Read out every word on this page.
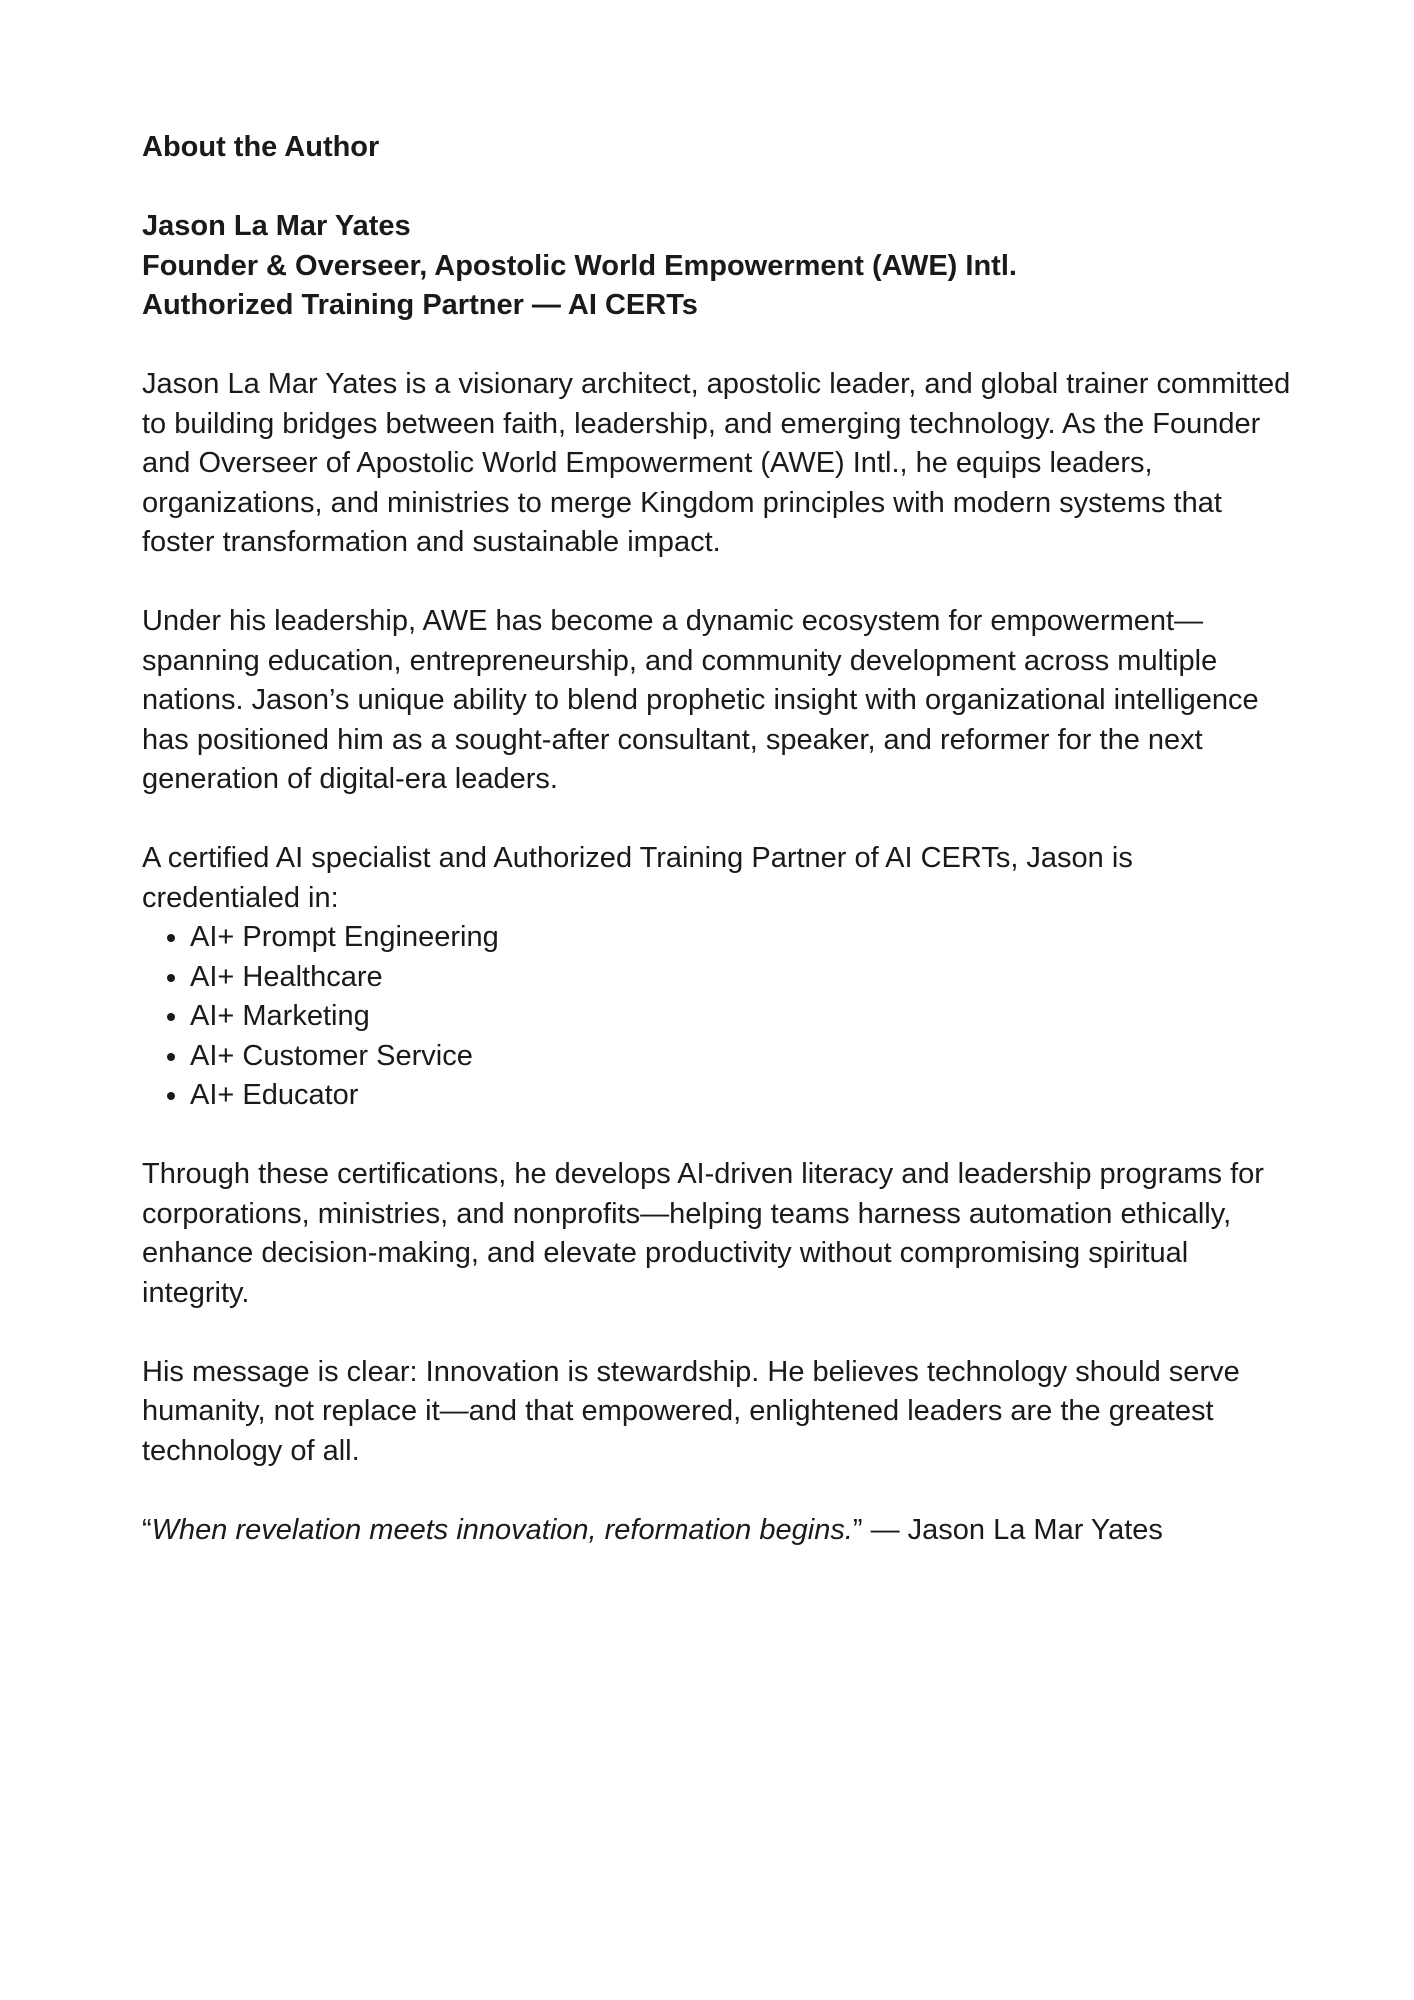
About the Author

Jason La Mar Yates

Founder & Overseer, Apostolic World Empowerment (AWE) Intl.

Authorized Training Partner — AI CERTs

Jason La Mar Yates is a visionary architect, apostolic leader, and global trainer committed to building bridges between faith, leadership, and emerging technology. As the Founder and Overseer of Apostolic World Empowerment (AWE) Intl., he equips leaders, organizations, and ministries to merge Kingdom principles with modern systems that foster transformation and sustainable impact.

Under his leadership, AWE has become a dynamic ecosystem for empowerment—spanning education, entrepreneurship, and community development across multiple nations. Jason’s unique ability to blend prophetic insight with organizational intelligence has positioned him as a sought-after consultant, speaker, and reformer for the next generation of digital-era leaders.

A certified AI specialist and Authorized Training Partner of AI CERTs, Jason is credentialed in:

• AI+ Prompt Engineering
• AI+ Healthcare
• AI+ Marketing
• AI+ Customer Service
• AI+ Educator

Through these certifications, he develops AI-driven literacy and leadership programs for corporations, ministries, and nonprofits—helping teams harness automation ethically, enhance decision-making, and elevate productivity without compromising spiritual integrity.

His message is clear: Innovation is stewardship. He believes technology should serve humanity, not replace it—and that empowered, enlightened leaders are the greatest technology of all.

“When revelation meets innovation, reformation begins.” — Jason La Mar Yates
